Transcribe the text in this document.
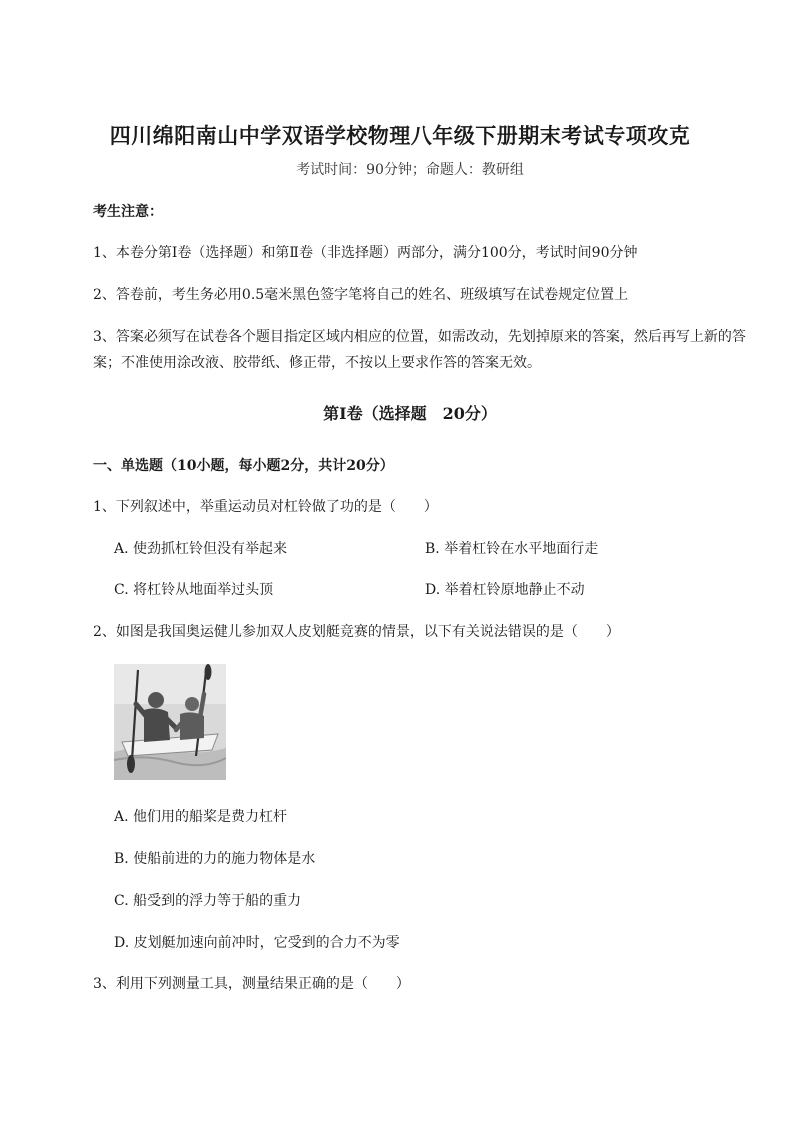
四川绵阳南山中学双语学校物理八年级下册期末考试专项攻克
考试时间：90分钟；命题人：教研组
考生注意：
1、本卷分第I卷（选择题）和第Ⅱ卷（非选择题）两部分，满分100分，考试时间90分钟
2、答卷前，考生务必用0.5毫米黑色签字笔将自己的姓名、班级填写在试卷规定位置上
3、答案必须写在试卷各个题目指定区域内相应的位置，如需改动，先划掉原来的答案，然后再写上新的答案；不准使用涂改液、胶带纸、修正带，不按以上要求作答的答案无效。
第I卷（选择题　20分）
一、单选题（10小题，每小题2分，共计20分）
1、下列叙述中，举重运动员对杠铃做了功的是（　　）
A. 使劲抓杠铃但没有举起来	B. 举着杠铃在水平地面行走
C. 将杠铃从地面举过头顶	D. 举着杠铃原地静止不动
2、如图是我国奥运健儿参加双人皮划艇竞赛的情景，以下有关说法错误的是（　　）
A. 他们用的船桨是费力杠杆
B. 使船前进的力的施力物体是水
C. 船受到的浮力等于船的重力
D. 皮划艇加速向前冲时，它受到的合力不为零
3、利用下列测量工具，测量结果正确的是（　　）
